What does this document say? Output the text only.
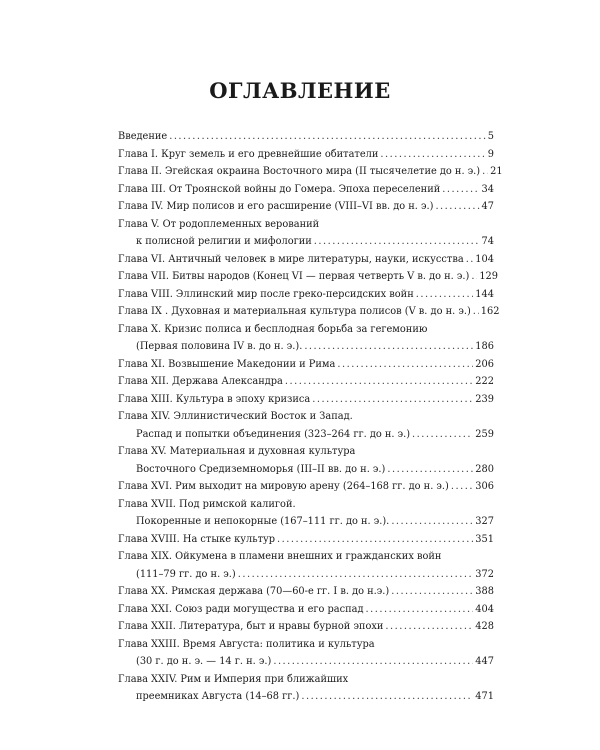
ОГЛАВЛЕНИЕ
Введение .....	5
Глава I. Круг земель и его древнейшие обитатели .....	9
Глава II. Эгейская окраина Восточного мира (II тысячелетие до н. э.) ..... 21
Глава III. От Троянской войны до Гомера. Эпоха переселений .....	34
Глава IV. Мир полисов и его расширение (VIII–VI вв. до н. э.) .....	47
Глава V. От родоплеменных верований
к полисной религии и мифологии .....	74
Глава VI. Античный человек в мире литературы, науки, искусства ..... 104
Глава VII. Битвы народов (Конец VI — первая четверть V в. до н. э.) ..... 129
Глава VIII. Эллинский мир после греко-персидских войн .....	144
Глава IX . Духовная и материальная культура полисов (V в. до н. э.) ..... 162
Глава X. Кризис полиса и бесплодная борьба за гегемонию
(Первая половина IV в. до н. э.). .....	186
Глава XI. Возвышение Македонии и Рима .....	206
Глава XII. Держава Александра .....	222
Глава XIII. Культура в эпоху кризиса .....	239
Глава XIV. Эллинистический Восток и Запад.
Распад и попытки объединения (323–264 гг. до н. э.) .....	259
Глава XV. Материальная и духовная культура
Восточного Средиземноморья (III–II вв. до н. э.) .....	280
Глава XVI. Рим выходит на мировую арену (264–168 гг. до н. э.) .....	306
Глава XVII. Под римской калигой.
Покоренные и непокорные (167–111 гг. до н. э.). .....	327
Глава XVIII. На стыке культур .....	351
Глава XIX. Ойкумена в пламени внешних и гражданских войн
(111–79 гг. до н. э.) .....	372
Глава XX. Римская держава (70—60-е гг. I в. до н.э.) .....	388
Глава XXI. Союз ради могущества и его распад .....	404
Глава XXII. Литература, быт и нравы бурной эпохи .....	428
Глава XXIII. Время Августа: политика и культура
(30 г. до н. э. — 14 г. н. э.) .....	447
Глава XXIV. Рим и Империя при ближайших
преемниках Августа (14–68 гг.) .....	471
